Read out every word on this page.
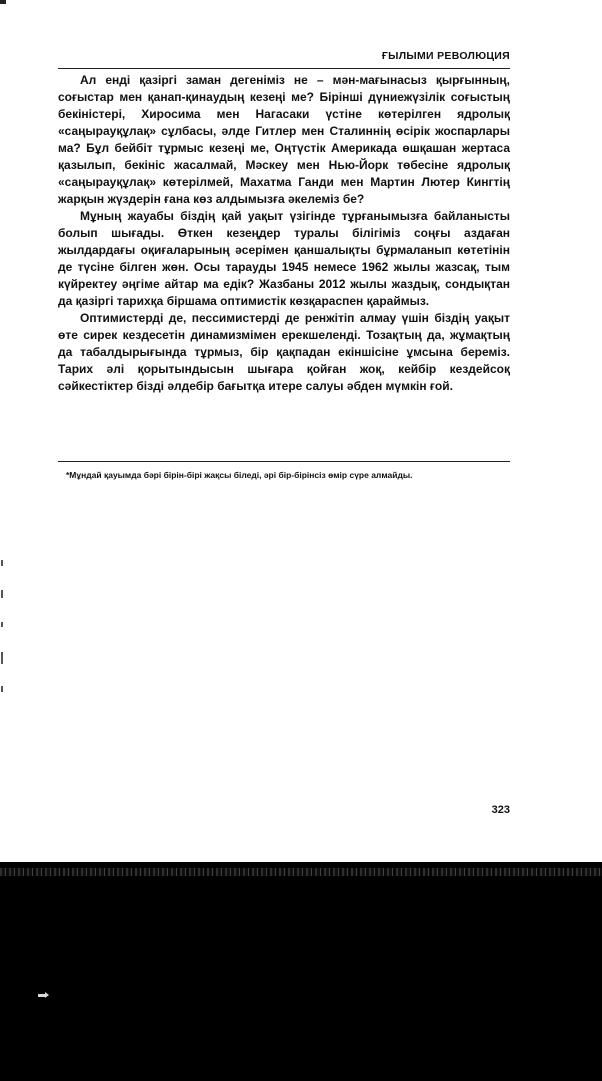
ҒЫЛЫМИ РЕВОЛЮЦИЯ

Ал енді қазіргі заман дегеніміз не – мән-мағынасыз қырғынның, соғыстар мен қанап-қинаудың кезеңі ме? Бірінші дүниежүзілік соғыстың бекіністері, Хиросима мен Нагасаки үстіне көтерілген ядролық «саңырауқұлақ» сұлбасы, әлде Гитлер мен Сталиннің өсірік жоспарлары ма? Бұл бейбіт тұрмыс кезеңі ме, Оңтүстік Америкада өшқашан жертаса қазылып, бекініс жасалмай, Мәскеу мен Нью-Йорк төбесіне ядролық «саңырауқұлақ» көтерілмей, Махатма Ганди мен Мартин Лютер Кингтің жарқын жүздерін ғана көз алдымызға әкелеміз бе?

Мұның жауабы біздің қай уақыт үзігінде тұрғанымызға байланысты болып шығады. Өткен кезеңдер туралы білігіміз соңғы аздаған жылдардағы оқиғаларының әсерімен қаншалықты бұрмаланып көтетінін де түсіне білген жөн. Осы тарауды 1945 немесе 1962 жылы жазсақ, тым күйректеу әңгіме айтар ма едік? Жазбаны 2012 жылы жаздық, сондықтан да қазіргі тарихқа біршама оптимистік көзқараспен қараймыз.

Оптимистерді де, пессимистерді де ренжітіп алмау үшін біздің уақыт өте сирек кездесетін динамизмімен ерекшеленді. Тозақтың да, жұмақтың да табалдырығында тұрмыз, бір қақпадан екіншісіне ұмсына береміз. Тарих әлі қорытындысын шығара қойған жоқ, кейбір кездейсоқ сәйкестіктер бізді әлдебір бағытқа итере салуы әбден мүмкін ғой.

*Мұндай қауымда бәрі бірін-бірі жақсы біледі, әрі бір-бірінсіз өмір сүре алмайды.
323
